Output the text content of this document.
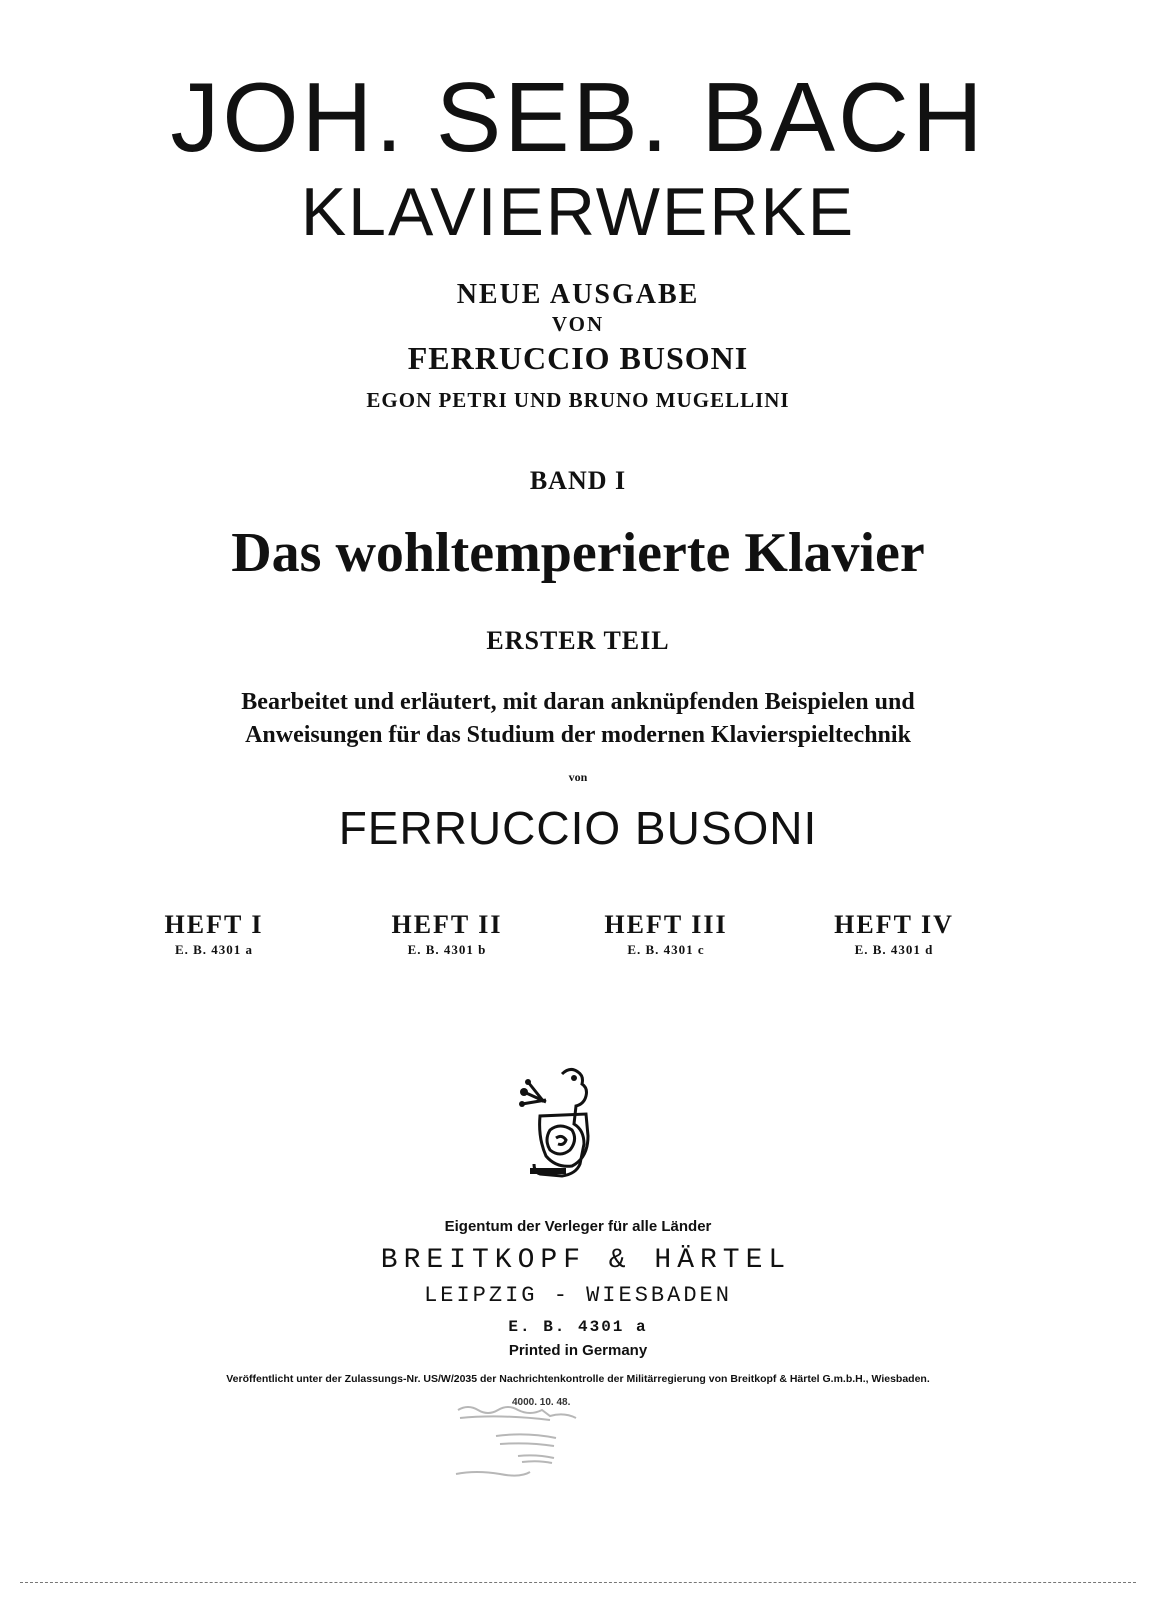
JOH. SEB. BACH
KLAVIERWERKE
NEUE AUSGABE
VON
FERRUCCIO BUSONI
EGON PETRI UND BRUNO MUGELLINI
BAND I
Das wohltemperierte Klavier
ERSTER TEIL
Bearbeitet und erläutert, mit daran anknüpfenden Beispielen und
Anweisungen für das Studium der modernen Klavierspieltechnik
von
FERRUCCIO BUSONI
HEFT I
E. B. 4301 a
HEFT II
E. B. 4301 b
HEFT III
E. B. 4301 c
HEFT IV
E. B. 4301 d
Eigentum der Verleger für alle Länder
BREITKOPF & HÄRTEL
LEIPZIG - WIESBADEN
E. B. 4301 a
Printed in Germany
Veröffentlicht unter der Zulassungs-Nr. US/W/2035 der Nachrichtenkontrolle der Militärregierung von Breitkopf & Härtel G.m.b.H., Wiesbaden.
4000. 10. 48.
